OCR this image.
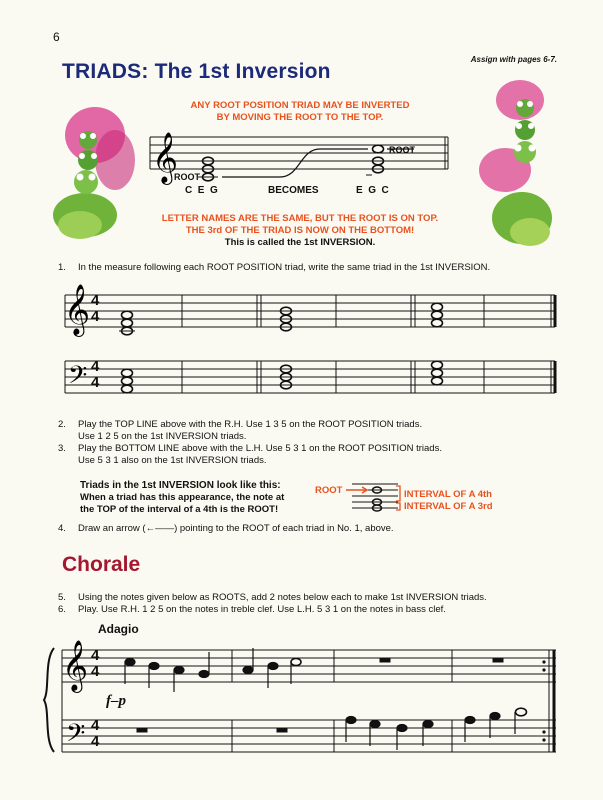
6
Assign with pages 6-7.
TRIADS: The 1st Inversion
ANY ROOT POSITION TRIAD MAY BE INVERTED
BY MOVING THE ROOT TO THE TOP.
𝄞
ROOT
ROOT
C  E  G	BECOMES	E  G  C
LETTER NAMES ARE THE SAME, BUT THE ROOT IS ON TOP.
THE 3rd OF THE TRIAD IS NOW ON THE BOTTOM!
This is called the 1st INVERSION.
1. In the measure following each ROOT POSITION triad, write the same triad in the 1st INVERSION.
𝄞
𝄢
4
4
4
4
2. Play the TOP LINE above with the R.H. Use 1 3 5 on the ROOT POSITION triads.
Use 1 2 5 on the 1st INVERSION triads.
3. Play the BOTTOM LINE above with the L.H. Use 5 3 1 on the ROOT POSITION triads.
Use 5 3 1 also on the 1st INVERSION triads.
Triads in the 1st INVERSION look like this:
When a triad has this appearance, the note at
the TOP of the interval of a 4th is the ROOT!
ROOT	INTERVAL OF A 4th
INTERVAL OF A 3rd
4. Draw an arrow (←——) pointing to the ROOT of each triad in No. 1, above.
Chorale
5. Using the notes given below as ROOTS, add 2 notes below each to make 1st INVERSION triads.
6. Play. Use R.H. 1 2 5 on the notes in treble clef. Use L.H. 5 3 1 on the notes in bass clef.
Adagio
f–p
𝄞
𝄢
4
4
4
4
